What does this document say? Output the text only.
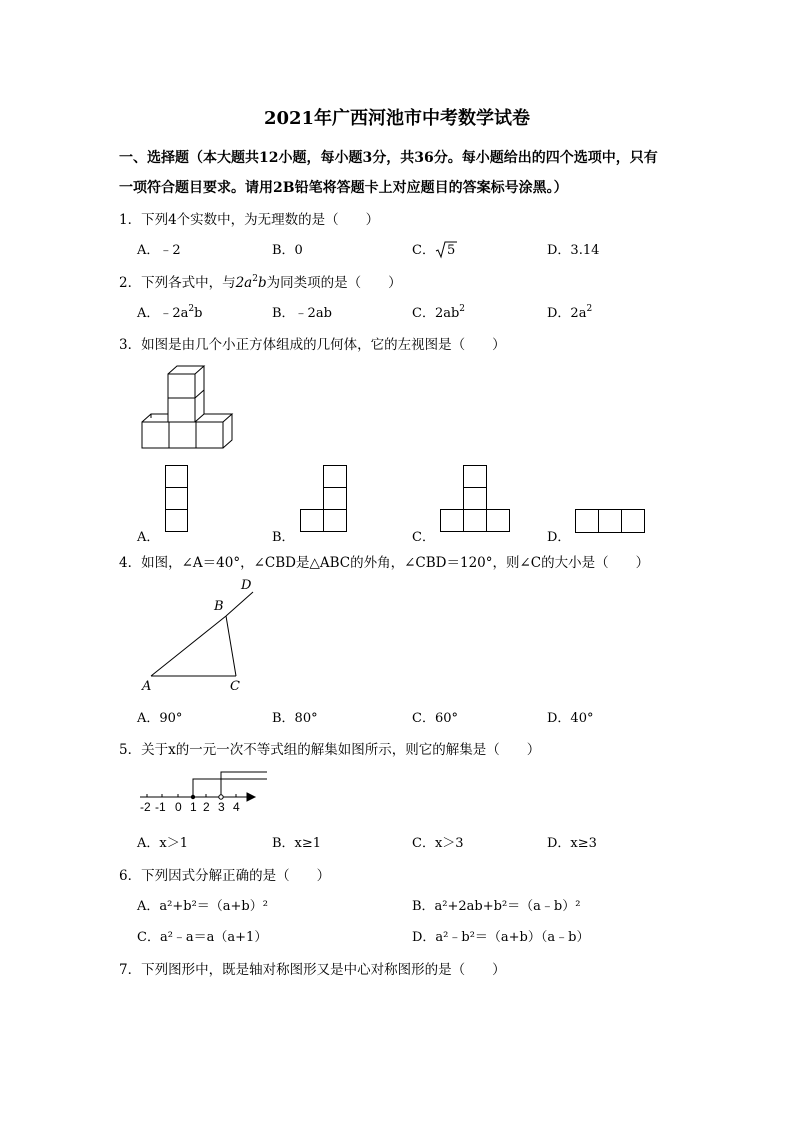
2021年广西河池市中考数学试卷
一、选择题（本大题共12小题，每小题3分，共36分。每小题给出的四个选项中，只有
一项符合题目要求。请用2B铅笔将答题卡上对应题目的答案标号涂黑。）
1．下列4个实数中，为无理数的是（　　）
A．﹣2	B．0	C． 5	D．3.14
2．下列各式中，与$2a^2b$为同类项的是（　　）
A．$﹣2a^2b$	B．﹣2ab	C．$2ab^2$	D．$2a^2$
3．如图是由几个小正方体组成的几何体，它的左视图是（　　）
A．	B．	C．	D．
4．如图，∠A＝40°，∠CBD是△ABC的外角，∠CBD＝120°，则∠C的大小是（　　）
D
B
A	C
A．90°	B．80°	C．60°	D．40°
5．关于x的一元一次不等式组的解集如图所示，则它的解集是（　　）
-2 -1 0 1 2 3 4
A．x＞1	B．x≥1	C．x＞3	D．x≥3
6．下列因式分解正确的是（　　）
A．a²+b²＝（a+b）²	B．a²+2ab+b²＝（a﹣b）²
C．a²﹣a＝a（a+1）	D．a²﹣b²＝（a+b）（a﹣b）
7．下列图形中，既是轴对称图形又是中心对称图形的是（　　）
